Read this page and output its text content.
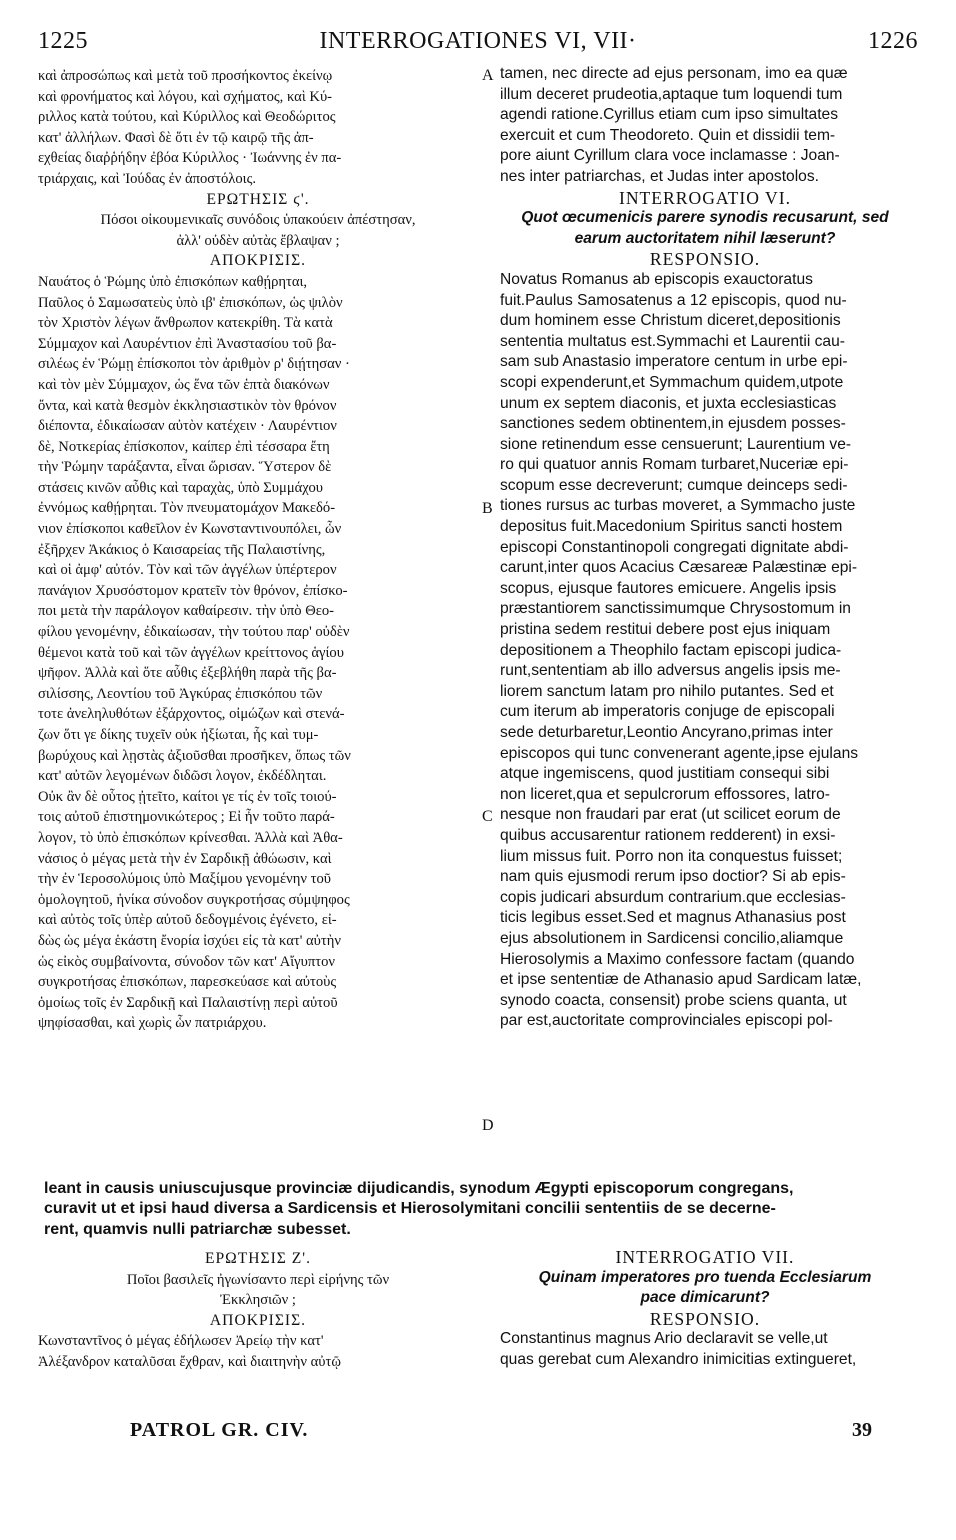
1225	INTERROGATIONES VI, VII·	1226
καὶ ἀπροσώπως καὶ μετὰ τοῦ προσήκοντος ἐκείνῳ
καὶ φρονήματος καὶ λόγου, καὶ σχήματος, καὶ Κύ-
ριλλος κατὰ τούτου, καὶ Κύριλλος καὶ Θεοδώριτος
κατ' ἀλλήλων. Φασὶ δὲ ὅτι ἐν τῷ καιρῷ τῆς ἀπ-
εχθείας διαῤῥήδην ἐβόα Κύριλλος · Ἰωάννης ἐν πα-
τριάρχαις, καὶ Ἰούδας ἐν ἀποστόλοις.
ΕΡΩΤΗΣΙΣ ϛ'.
Πόσοι οἰκουμενικαῖς συνόδοις ὑπακούειν ἀπέστησαν,
ἀλλ' οὐδὲν αὐτὰς ἔβλαψαν ;
ΑΠΟΚΡΙΣΙΣ.
Ναυάτος ὁ Ῥώμης ὑπὸ ἐπισκόπων καθῄρηται,
Παῦλος ὁ Σαμωσατεὺς ὑπὸ ιβ' ἐπισκόπων, ὡς ψιλὸν
τὸν Χριστὸν λέγων ἄνθρωπον κατεκρίθη. Τὰ κατὰ
Σύμμαχον καὶ Λαυρέντιον ἐπὶ Ἀναστασίου τοῦ βα-
σιλέως ἐν Ῥώμῃ ἐπίσκοποι τὸν ἀριθμὸν ρ' διῄτησαν ·
καὶ τὸν μὲν Σύμμαχον, ὡς ἕνα τῶν ἑπτὰ διακόνων
ὄντα, καὶ κατὰ θεσμὸν ἐκκλησιαστικὸν τὸν θρόνον
διέποντα, ἐδικαίωσαν αὐτὸν κατέχειν · Λαυρέντιον
δὲ, Νοτκερίας ἐπίσκοπον, καίπερ ἐπὶ τέσσαρα ἔτη
τὴν Ῥώμην ταράξαντα, εἶναι ὥρισαν. Ὕστερον δὲ
στάσεις κινῶν αὖθις καὶ ταραχὰς, ὑπὸ Συμμάχου
ἐννόμως καθῄρηται. Τὸν πνευματομάχον Μακεδό-
νιον ἐπίσκοποι καθεῖλον ἐν Κωνσταντινουπόλει, ὧν
ἐξῆρχεν Ἀκάκιος ὁ Καισαρείας τῆς Παλαιστίνης,
καὶ οἱ ἀμφ' αὐτόν. Τὸν καὶ τῶν ἀγγέλων ὑπέρτερον
πανάγιον Χρυσόστομον κρατεῖν τὸν θρόνον, ἐπίσκο-
ποι μετὰ τὴν παράλογον καθαίρεσιν. τὴν ὑπὸ Θεο-
φίλου γενομένην, ἐδικαίωσαν, τὴν τούτου παρ' οὐδὲν
θέμενοι κατὰ τοῦ καὶ τῶν ἀγγέλων κρείττονος ἁγίου
ψῆφον. Ἀλλὰ καὶ ὅτε αὖθις ἐξεβλήθη παρὰ τῆς βα-
σιλίσσης, Λεοντίου τοῦ Ἀγκύρας ἐπισκόπου τῶν
τοτε ἀνεληλυθότων ἐξάρχοντος, οἰμώζων καὶ στενά-
ζων ὅτι γε δίκης τυχεῖν οὐκ ἠξίωται, ἧς καὶ τυμ-
βωρύχους καὶ λῃστὰς ἀξιοῦσθαι προσῆκεν, ὅπως τῶν
κατ' αὐτῶν λεγομένων διδῶσι λογον, ἐκδέδληται.
Οὐκ ἂν δὲ οὗτος ᾐτεῖτο, καίτοι γε τίς ἐν τοῖς τοιού-
τοις αὐτοῦ ἐπιστημονικώτερος ; Εἰ ἦν τοῦτο παρά-
λογον, τὸ ὑπὸ ἐπισκόπων κρίνεσθαι. Ἀλλὰ καὶ Ἀθα-
νάσιος ὁ μέγας μετὰ τὴν ἐν Σαρδικῇ ἀθώωσιν, καὶ
τὴν ἐν Ἱεροσολύμοις ὑπὸ Μαξίμου γενομένην τοῦ
ὁμολογητοῦ, ἡνίκα σύνοδον συγκροτήσας σύμψηφος
καὶ αὐτὸς τοῖς ὑπὲρ αὐτοῦ δεδογμένοις ἐγένετο, εἰ-
δὼς ὡς μέγα ἑκάστη ἔνορία ἰσχύει εἰς τὰ κατ' αὐτὴν
ὡς εἰκὸς συμβαίνοντα, σύνοδον τῶν κατ' Αἴγυπτον
συγκροτήσας ἐπισκόπων, παρεσκεύασε καὶ αὐτοὺς
ὁμοίως τοῖς ἐν Σαρδικῇ καὶ Παλαιστίνῃ περὶ αὐτοῦ
ψηφίσασθαι, καὶ χωρὶς ὧν πατριάρχου.
tamen, nec directe ad ejus personam, imo ea quæ
illum deceret prudeotia,aptaque tum loquendi tum
agendi ratione.Cyrillus etiam cum ipso simultates
exercuit et cum Theodoreto. Quin et dissidii tem-
pore aiunt Cyrillum clara voce inclamasse : Joan-
nes inter patriarchas, et Judas inter apostolos.
INTERROGATIO VI.
Quot œcumenicis parere synodis recusarunt, sed
earum auctoritatem nihil læserunt?
RESPONSIO.
Novatus Romanus ab episcopis exauctoratus
fuit.Paulus Samosatenus a 12 episcopis, quod nu-
dum hominem esse Christum diceret,depositionis
sententia multatus est.Symmachi et Laurentii cau-
sam sub Anastasio imperatore centum in urbe epi-
scopi expenderunt,et Symmachum quidem,utpote
unum ex septem diaconis, et juxta ecclesiasticas
sanctiones sedem obtinentem,in ejusdem posses-
sione retinendum esse censuerunt; Laurentium ve-
ro qui quatuor annis Romam turbaret,Nuceriæ epi-
scopum esse decreverunt; cumque deinceps sedi-
tiones rursus ac turbas moveret, a Symmacho juste
depositus fuit.Macedonium Spiritus sancti hostem
episcopi Constantinopoli congregati dignitate abdi-
carunt,inter quos Acacius Cæsareæ Palæstinæ epi-
scopus, ejusque fautores emicuere. Angelis ipsis
præstantiorem sanctissimumque Chrysostomum in
pristina sedem restitui debere post ejus iniquam
depositionem a Theophilo factam episcopi judica-
runt,sententiam ab illo adversus angelis ipsis me-
liorem sanctum latam pro nihilo putantes. Sed et
cum iterum ab imperatoris conjuge de episcopali
sede deturbaretur,Leontio Ancyrano,primas inter
episcopos qui tunc convenerant agente,ipse ejulans
atque ingemiscens, quod justitiam consequi sibi
non liceret,qua et sepulcrorum effossores, latro-
nesque non fraudari par erat (ut scilicet eorum de
quibus accusarentur rationem redderent) in exsi-
lium missus fuit. Porro non ita conquestus fuisset;
nam quis ejusmodi rerum ipso doctior? Si ab epis-
copis judicari absurdum contrarium.que ecclesias-
ticis legibus esset.Sed et magnus Athanasius post
ejus absolutionem in Sardicensi concilio,aliamque
Hierosolymis a Maximo confessore factam (quando
et ipse sententiæ de Athanasio apud Sardicam latæ,
synodo coacta, consensit) probe sciens quanta, ut
par est,auctoritate comprovinciales episcopi pol-
A
B
C
D
leant in causis uniuscujusque provinciæ dijudicandis, synodum Ægypti episcoporum congregans,
curavit ut et ipsi haud diversa a Sardicensis et Hierosolymitani concilii sententiis de se decerne-
rent, quamvis nulli patriarchæ subesset.
ΕΡΩΤΗΣΙΣ Ζ'.
Ποῖοι βασιλεῖς ἠγωνίσαντο περὶ εἰρήνης τῶν
Ἐκκλησιῶν ;
ΑΠΟΚΡΙΣΙΣ.
Κωνσταντῖνος ὁ μέγας ἐδήλωσεν Ἀρείῳ τὴν κατ'
Ἀλέξανδρον καταλῦσαι ἔχθραν, καὶ διαιτηνὴν αὐτῷ
INTERROGATIO VII.
Quinam imperatores pro tuenda Ecclesiarum
pace dimicarunt?
RESPONSIO.
Constantinus magnus Ario declaravit se velle,ut
quas gerebat cum Alexandro inimicitias extingueret,
PATROL GR. CIV.	39
